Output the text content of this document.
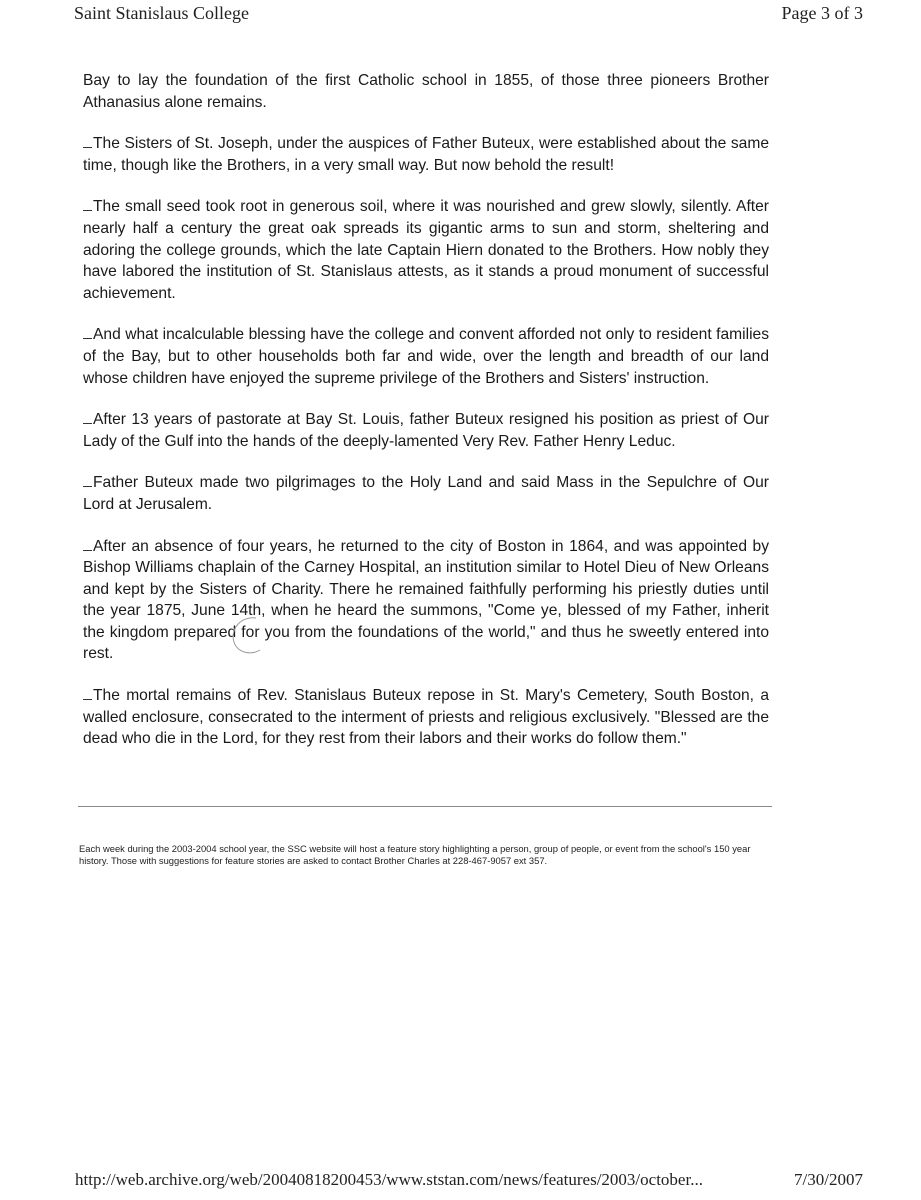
Saint Stanislaus College	Page 3 of 3

Bay to lay the foundation of the first Catholic school in 1855, of those three pioneers Brother Athanasius alone remains.

The Sisters of St. Joseph, under the auspices of Father Buteux, were established about the same time, though like the Brothers, in a very small way. But now behold the result!

The small seed took root in generous soil, where it was nourished and grew slowly, silently. After nearly half a century the great oak spreads its gigantic arms to sun and storm, sheltering and adoring the college grounds, which the late Captain Hiern donated to the Brothers. How nobly they have labored the institution of St. Stanislaus attests, as it stands a proud monument of successful achievement.

And what incalculable blessing have the college and convent afforded not only to resident families of the Bay, but to other households both far and wide, over the length and breadth of our land whose children have enjoyed the supreme privilege of the Brothers and Sisters' instruction.

After 13 years of pastorate at Bay St. Louis, father Buteux resigned his position as priest of Our Lady of the Gulf into the hands of the deeply-lamented Very Rev. Father Henry Leduc.

Father Buteux made two pilgrimages to the Holy Land and said Mass in the Sepulchre of Our Lord at Jerusalem.

After an absence of four years, he returned to the city of Boston in 1864, and was appointed by Bishop Williams chaplain of the Carney Hospital, an institution similar to Hotel Dieu of New Orleans and kept by the Sisters of Charity. There he remained faithfully performing his priestly duties until the year 1875, June 14th, when he heard the summons, "Come ye, blessed of my Father, inherit the kingdom prepared for you from the foundations of the world," and thus he sweetly entered into rest.

The mortal remains of Rev. Stanislaus Buteux repose in St. Mary's Cemetery, South Boston, a walled enclosure, consecrated to the interment of priests and religious exclusively. "Blessed are the dead who die in the Lord, for they rest from their labors and their works do follow them."

Each week during the 2003-2004 school year, the SSC website will host a feature story highlighting a person, group of people, or event from the school's 150 year history. Those with suggestions for feature stories are asked to contact Brother Charles at 228-467-9057 ext 357.
http://web.archive.org/web/20040818200453/www.ststan.com/news/features/2003/october...	7/30/2007
